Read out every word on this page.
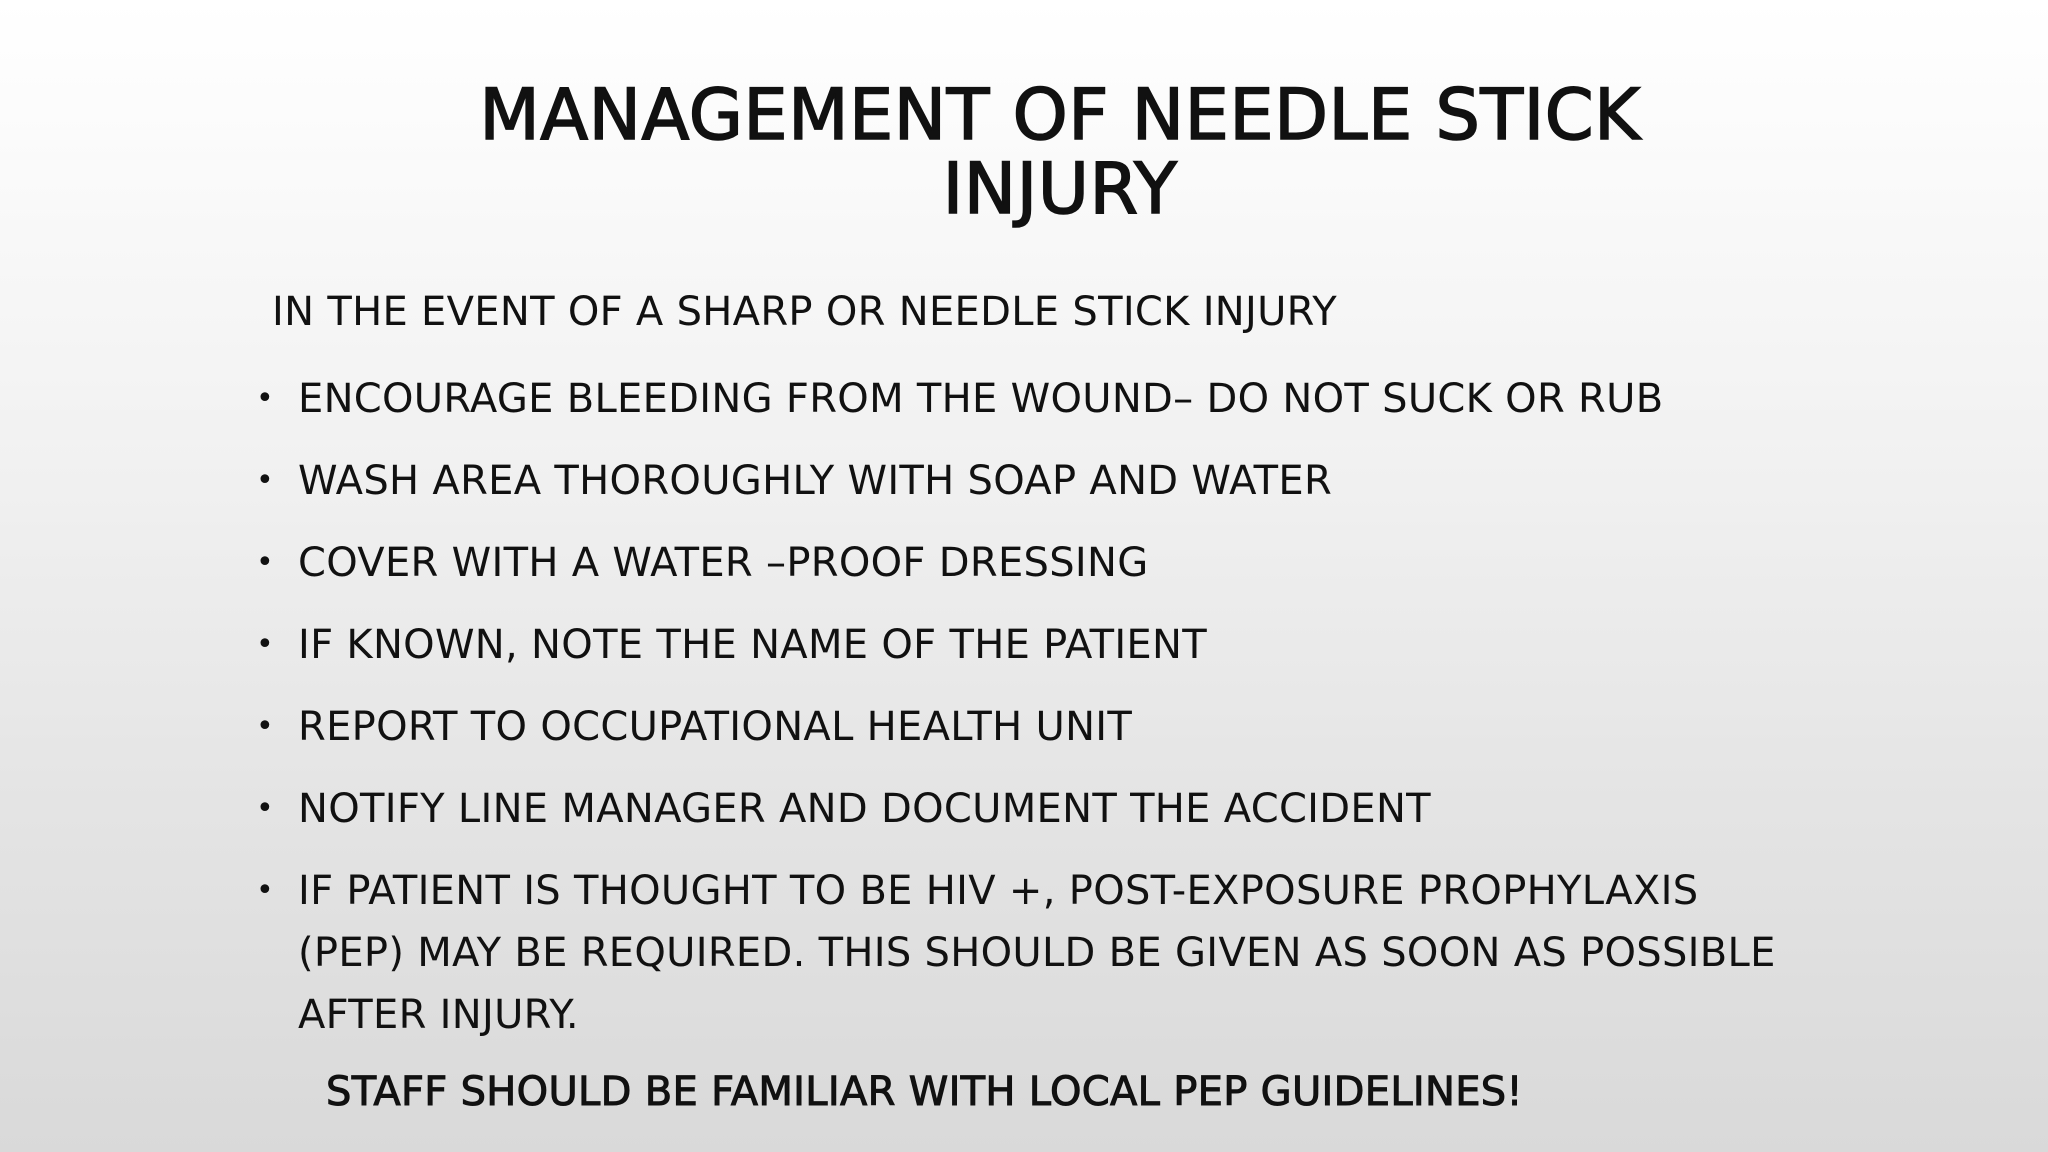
MANAGEMENT OF NEEDLE STICK
INJURY
IN THE EVENT OF A SHARP OR NEEDLE STICK INJURY
• ENCOURAGE BLEEDING FROM THE WOUND– DO NOT SUCK OR RUB
• WASH AREA THOROUGHLY WITH SOAP AND WATER
• COVER WITH A WATER –PROOF DRESSING
• IF KNOWN, NOTE THE NAME OF THE PATIENT
• REPORT TO OCCUPATIONAL HEALTH UNIT
• NOTIFY LINE MANAGER AND DOCUMENT THE ACCIDENT
• IF PATIENT IS THOUGHT TO BE HIV +, POST-EXPOSURE PROPHYLAXIS (PEP) MAY BE REQUIRED. THIS SHOULD BE GIVEN AS SOON AS POSSIBLE AFTER INJURY.
STAFF SHOULD BE FAMILIAR WITH LOCAL PEP GUIDELINES!
